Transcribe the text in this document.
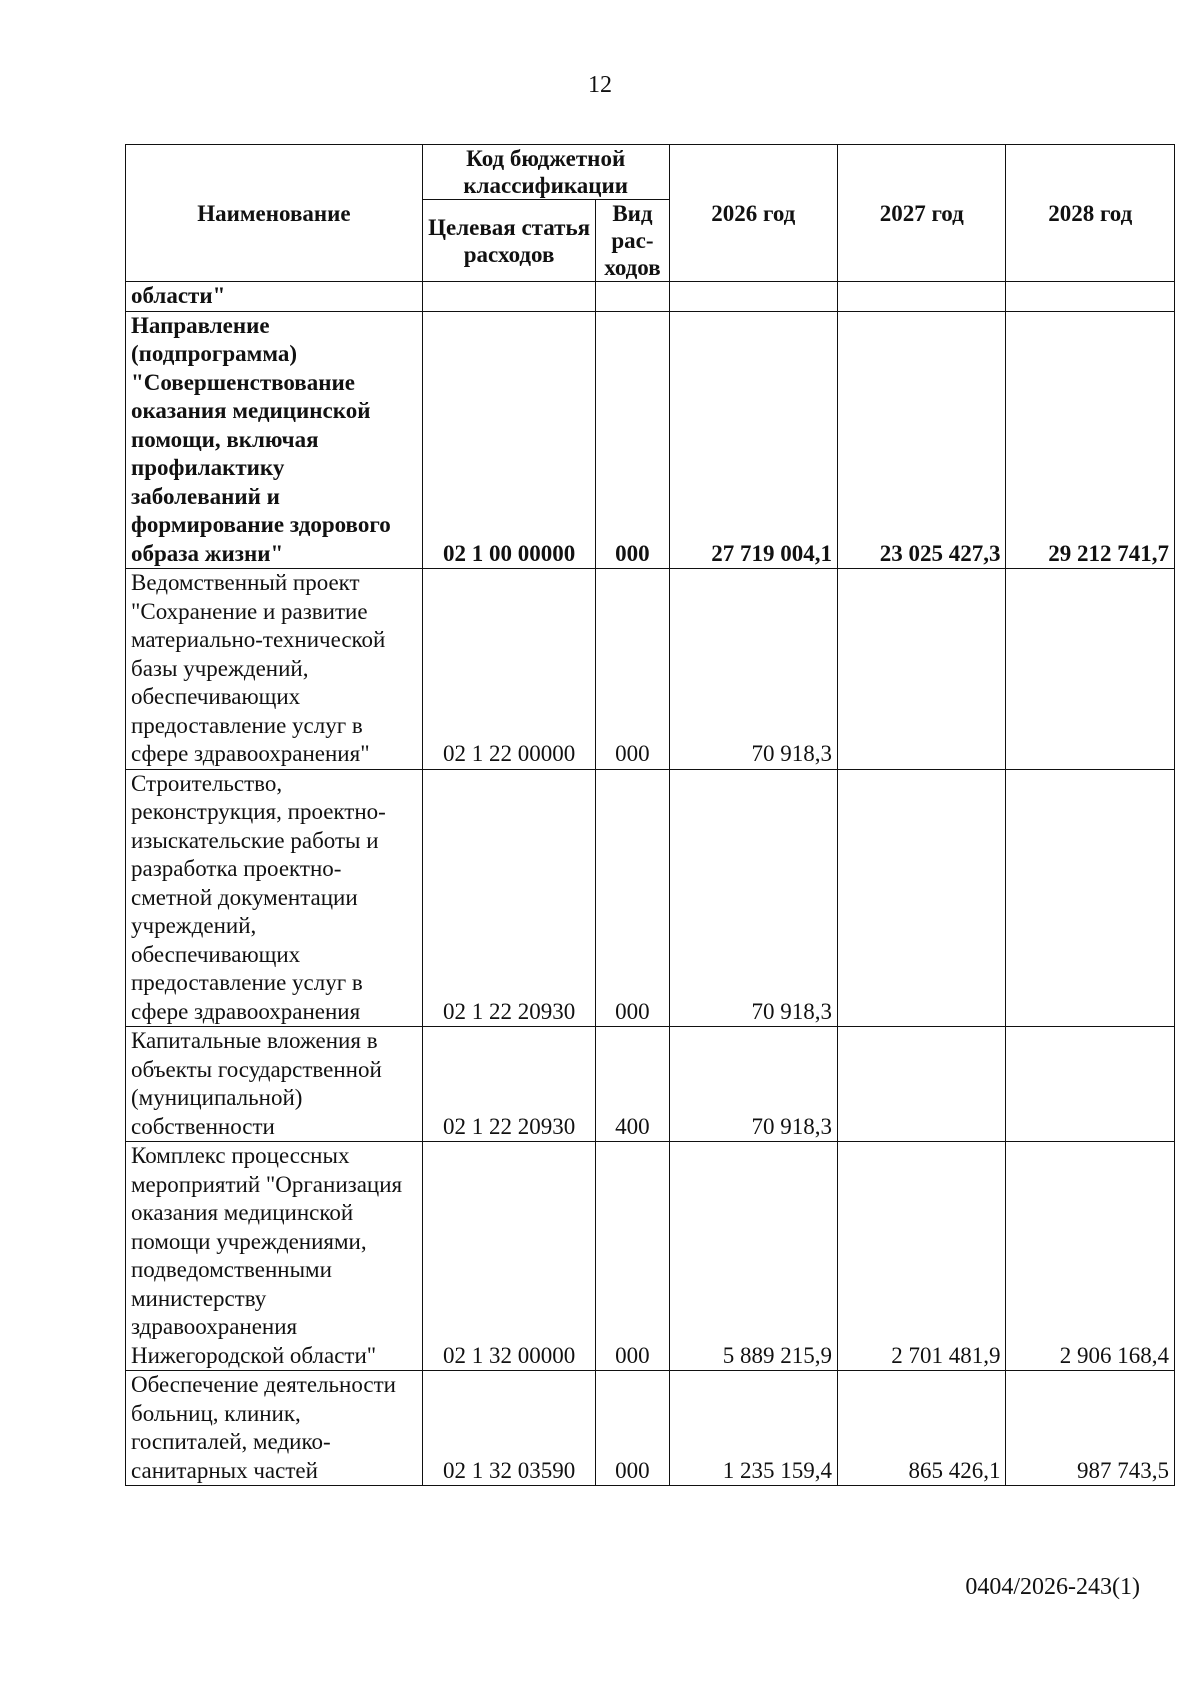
12
Наименование	Код бюджетной классификации		2026 год	2027 год	2028 год
	Целевая статья расходов	Вид рас-ходов			
области"					
Направление (подпрограмма) "Совершенствование оказания медицинской помощи, включая профилактику заболеваний и формирование здорового образа жизни"	02 1 00 00000	000	27 719 004,1	23 025 427,3	29 212 741,7
Ведомственный проект "Сохранение и развитие материально-технической базы учреждений, обеспечивающих предоставление услуг в сфере здравоохранения"	02 1 22 00000	000	70 918,3		
Строительство, реконструкция, проектно-изыскательские работы и разработка проектно-сметной документации учреждений, обеспечивающих предоставление услуг в сфере здравоохранения	02 1 22 20930	000	70 918,3		
Капитальные вложения в объекты государственной (муниципальной) собственности	02 1 22 20930	400	70 918,3		
Комплекс процессных мероприятий "Организация оказания медицинской помощи учреждениями, подведомственными министерству здравоохранения Нижегородской области"	02 1 32 00000	000	5 889 215,9	2 701 481,9	2 906 168,4
Обеспечение деятельности больниц, клиник, госпиталей, медико-санитарных частей	02 1 32 03590	000	1 235 159,4	865 426,1	987 743,5
0404/2026-243(1)
